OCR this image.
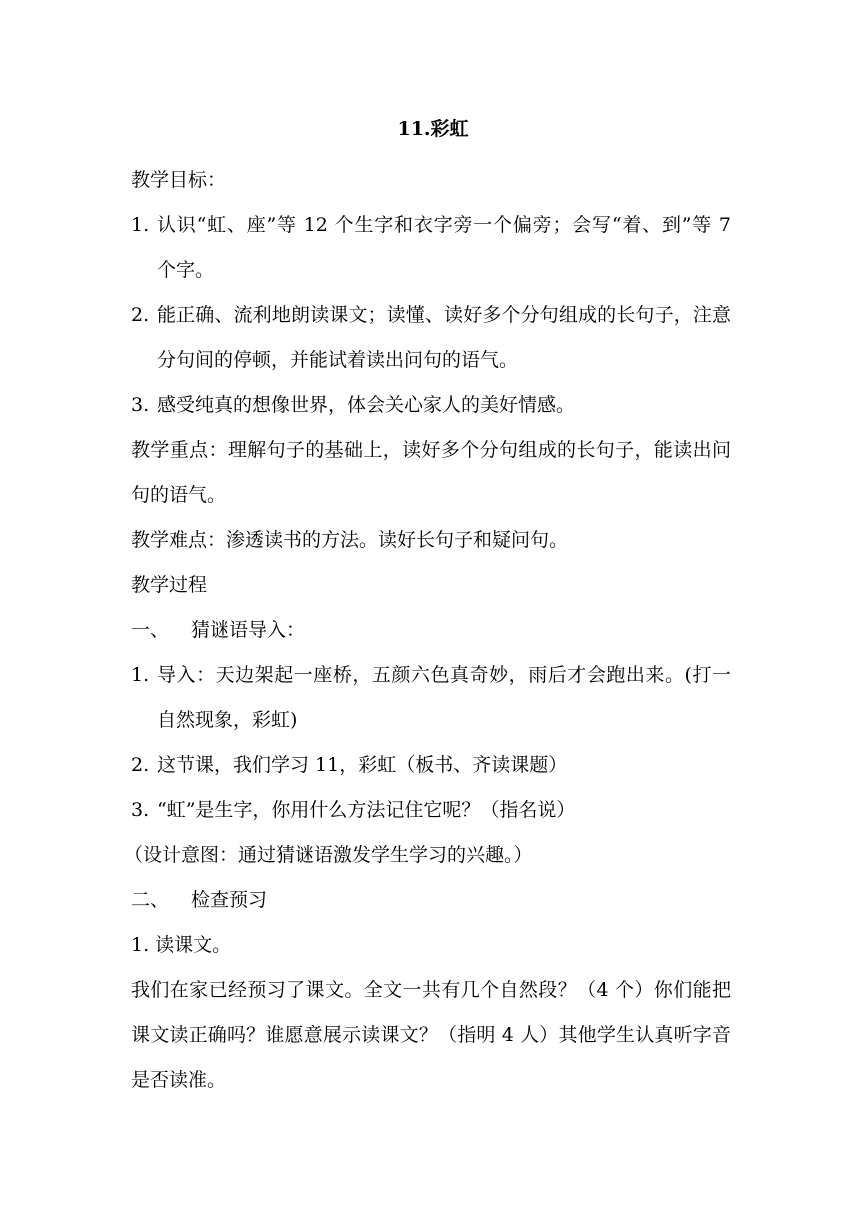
11.彩虹
教学目标：
1. 认识“虹、座”等 12 个生字和衣字旁一个偏旁；会写“着、到”等 7 个字。
2. 能正确、流利地朗读课文；读懂、读好多个分句组成的长句子，注意分句间的停顿，并能试着读出问句的语气。
3. 感受纯真的想像世界，体会关心家人的美好情感。
教学重点：理解句子的基础上，读好多个分句组成的长句子，能读出问句的语气。
教学难点：渗透读书的方法。读好长句子和疑问句。
教学过程
一、 猜谜语导入：
1. 导入：天边架起一座桥，五颜六色真奇妙，雨后才会跑出来。(打一自然现象，彩虹)
2. 这节课，我们学习 11，彩虹（板书、齐读课题）
3. “虹”是生字，你用什么方法记住它呢？（指名说）
（设计意图：通过猜谜语激发学生学习的兴趣。）
二、 检查预习
1. 读课文。
我们在家已经预习了课文。全文一共有几个自然段？（4 个）你们能把课文读正确吗？谁愿意展示读课文？（指明 4 人）其他学生认真听字音是否读准。
